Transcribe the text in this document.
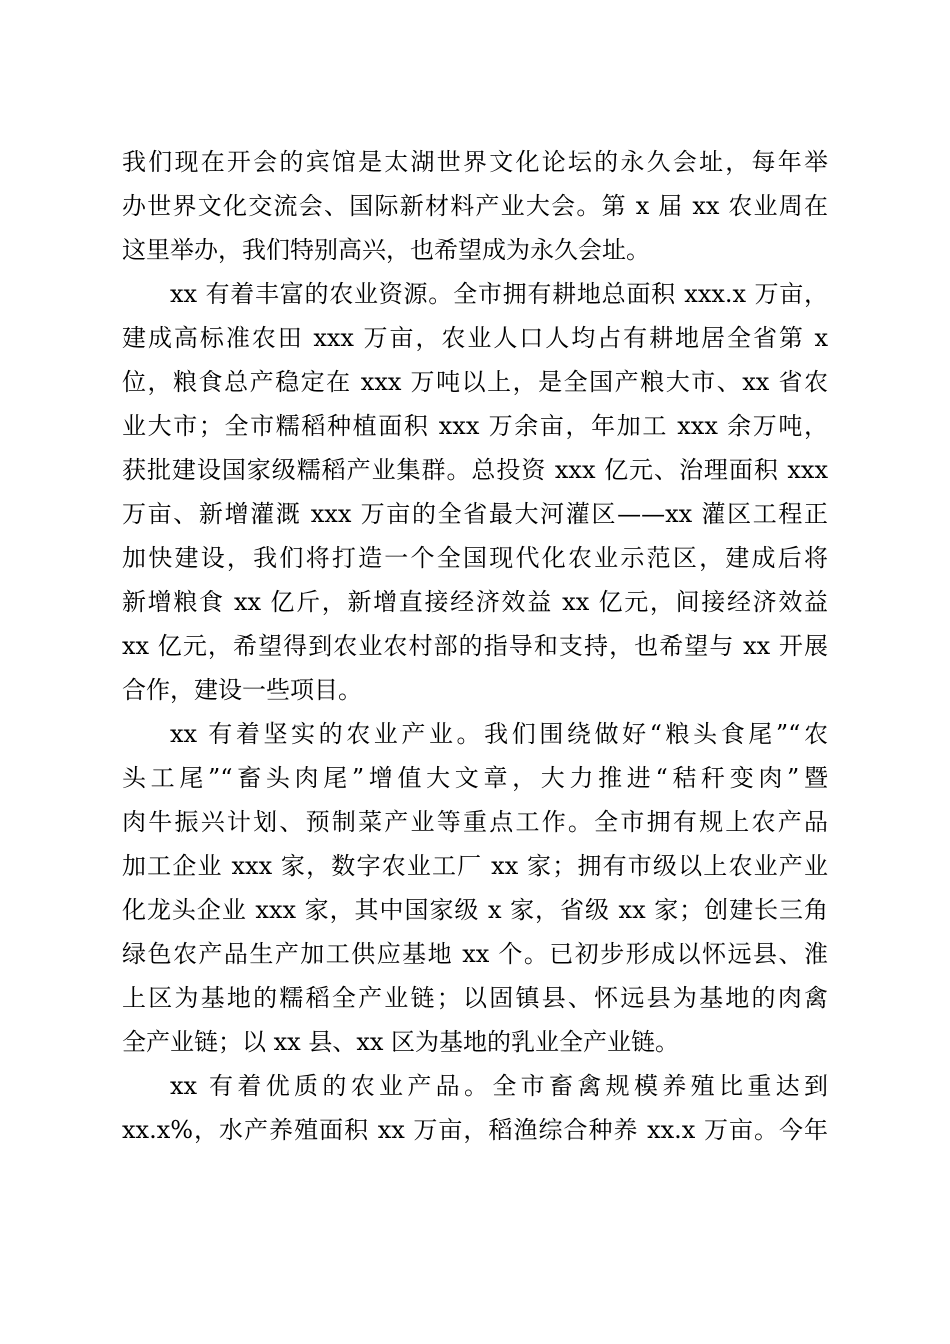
我们现在开会的宾馆是太湖世界文化论坛的永久会址，每年举
办世界文化交流会、国际新材料产业大会。第 x 届 xx 农业周在
这里举办，我们特别高兴，也希望成为永久会址。
xx 有着丰富的农业资源。全市拥有耕地总面积 xxx.x 万亩，
建成高标准农田 xxx 万亩，农业人口人均占有耕地居全省第 x
位，粮食总产稳定在 xxx 万吨以上，是全国产粮大市、xx 省农
业大市；全市糯稻种植面积 xxx 万余亩，年加工 xxx 余万吨，
获批建设国家级糯稻产业集群。总投资 xxx 亿元、治理面积 xxx
万亩、新增灌溉 xxx 万亩的全省最大河灌区——xx 灌区工程正
加快建设，我们将打造一个全国现代化农业示范区，建成后将
新增粮食 xx 亿斤，新增直接经济效益 xx 亿元，间接经济效益
xx 亿元，希望得到农业农村部的指导和支持，也希望与 xx 开展
合作，建设一些项目。
xx 有着坚实的农业产业。我们围绕做好“粮头食尾”“农
头工尾”“畜头肉尾”增值大文章，大力推进“秸秆变肉”暨
肉牛振兴计划、预制菜产业等重点工作。全市拥有规上农产品
加工企业 xxx 家，数字农业工厂 xx 家；拥有市级以上农业产业
化龙头企业 xxx 家，其中国家级 x 家，省级 xx 家；创建长三角
绿色农产品生产加工供应基地 xx 个。已初步形成以怀远县、淮
上区为基地的糯稻全产业链；以固镇县、怀远县为基地的肉禽
全产业链；以 xx 县、xx 区为基地的乳业全产业链。
xx 有着优质的农业产品。全市畜禽规模养殖比重达到
xx.x%，水产养殖面积 xx 万亩，稻渔综合种养 xx.x 万亩。今年
